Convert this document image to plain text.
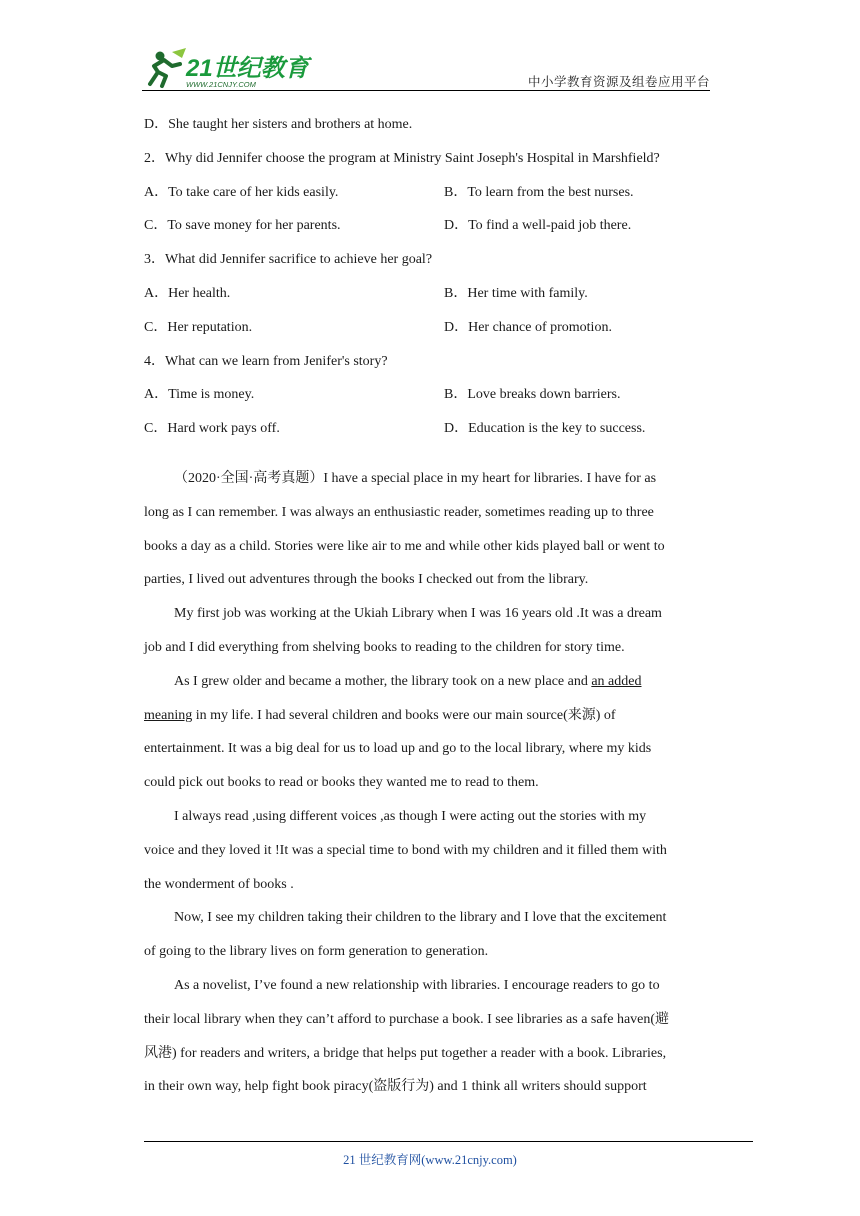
21世纪教育
WWW.21CNJY.COM	中小学教育资源及组卷应用平台
D．She taught her sisters and brothers at home.
2．Why did Jennifer choose the program at Ministry Saint Joseph's Hospital in Marshfield?
A．To take care of her kids easily.	B．To learn from the best nurses.
C．To save money for her parents.	D．To find a well-paid job there.
3．What did Jennifer sacrifice to achieve her goal?
A．Her health.	B．Her time with family.
C．Her reputation.	D．Her chance of promotion.
4．What can we learn from Jenifer's story?
A．Time is money.	B．Love breaks down barriers.
C．Hard work pays off.	D．Education is the key to success.
（2020·全国·高考真题）I have a special place in my heart for libraries. I have for as
long as I can remember. I was always an enthusiastic reader, sometimes reading up to three
books a day as a child. Stories were like air to me and while other kids played ball or went to
parties, I lived out adventures through the books I checked out from the library.
My first job was working at the Ukiah Library when I was 16 years old .It was a dream
job and I did everything from shelving books to reading to the children for story time.
As I grew older and became a mother, the library took on a new place and an added
meaning in my life. I had several children and books were our main source(来源) of
entertainment. It was a big deal for us to load up and go to the local library, where my kids
could pick out books to read or books they wanted me to read to them.
I always read ,using different voices ,as though I were acting out the stories with my
voice and they loved it !It was a special time to bond with my children and it filled them with
the wonderment of books .
Now, I see my children taking their children to the library and I love that the excitement
of going to the library lives on form generation to generation.
As a novelist, I’ve found a new relationship with libraries. I encourage readers to go to
their local library when they can’t afford to purchase a book. I see libraries as a safe haven(避
风港) for readers and writers, a bridge that helps put together a reader with a book. Libraries,
in their own way, help fight book piracy(盗版行为) and 1 think all writers should support
21 世纪教育网(www.21cnjy.com)
